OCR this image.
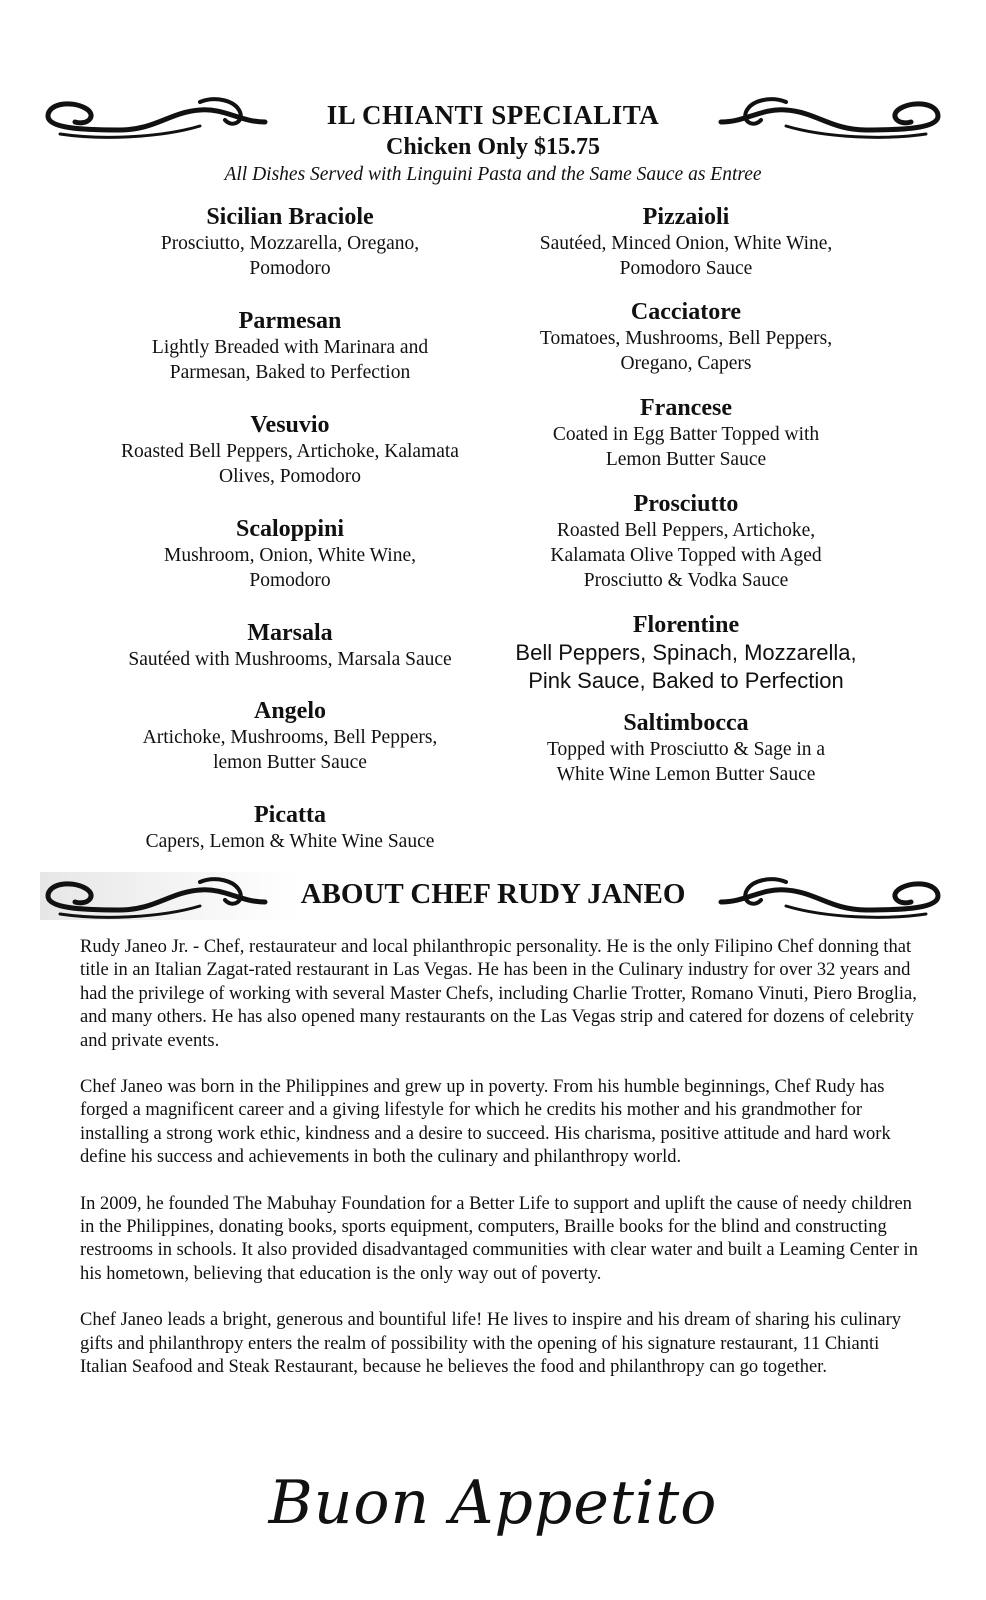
IL CHIANTI SPECIALITA
Chicken Only $15.75
All Dishes Served with Linguini Pasta and the Same Sauce as Entree
Sicilian Braciole
Prosciutto, Mozzarella, Oregano,
Pomodoro
Parmesan
Lightly Breaded with Marinara and
Parmesan, Baked to Perfection
Vesuvio
Roasted Bell Peppers, Artichoke, Kalamata
Olives, Pomodoro
Scaloppini
Mushroom, Onion, White Wine,
Pomodoro
Marsala
Sautéed with Mushrooms, Marsala Sauce
Angelo
Artichoke, Mushrooms, Bell Peppers,
lemon Butter Sauce
Picatta
Capers, Lemon & White Wine Sauce
Pizzaioli
Sautéed, Minced Onion, White Wine,
Pomodoro Sauce
Cacciatore
Tomatoes, Mushrooms, Bell Peppers,
Oregano, Capers
Francese
Coated in Egg Batter Topped with
Lemon Butter Sauce
Prosciutto
Roasted Bell Peppers, Artichoke,
Kalamata Olive Topped with Aged
Prosciutto & Vodka Sauce
Florentine
Bell Peppers, Spinach, Mozzarella,
Pink Sauce, Baked to Perfection
Saltimbocca
Topped with Prosciutto & Sage in a
White Wine Lemon Butter Sauce
ABOUT CHEF RUDY JANEO

Rudy Janeo Jr. - Chef, restaurateur and local philanthropic personality. He is the only Filipino Chef donning that title in an Italian Zagat-rated restaurant in Las Vegas. He has been in the Culinary industry for over 32 years and had the privilege of working with several Master Chefs, including Charlie Trotter, Romano Vinuti, Piero Broglia, and many others. He has also opened many restaurants on the Las Vegas strip and catered for dozens of celebrity and private events.

Chef Janeo was born in the Philippines and grew up in poverty. From his humble beginnings, Chef Rudy has forged a magnificent career and a giving lifestyle for which he credits his mother and his grandmother for installing a strong work ethic, kindness and a desire to succeed. His charisma, positive attitude and hard work define his success and achievements in both the culinary and philanthropy world.

In 2009, he founded The Mabuhay Foundation for a Better Life to support and uplift the cause of needy children in the Philippines, donating books, sports equipment, computers, Braille books for the blind and constructing restrooms in schools. It also provided disadvantaged communities with clear water and built a Leaming Center in his hometown, believing that education is the only way out of poverty.

Chef Janeo leads a bright, generous and bountiful life! He lives to inspire and his dream of sharing his culinary gifts and philanthropy enters the realm of possibility with the opening of his signature restaurant, 11 Chianti Italian Seafood and Steak Restaurant, because he believes the food and philanthropy can go together.

Buon Appetito
